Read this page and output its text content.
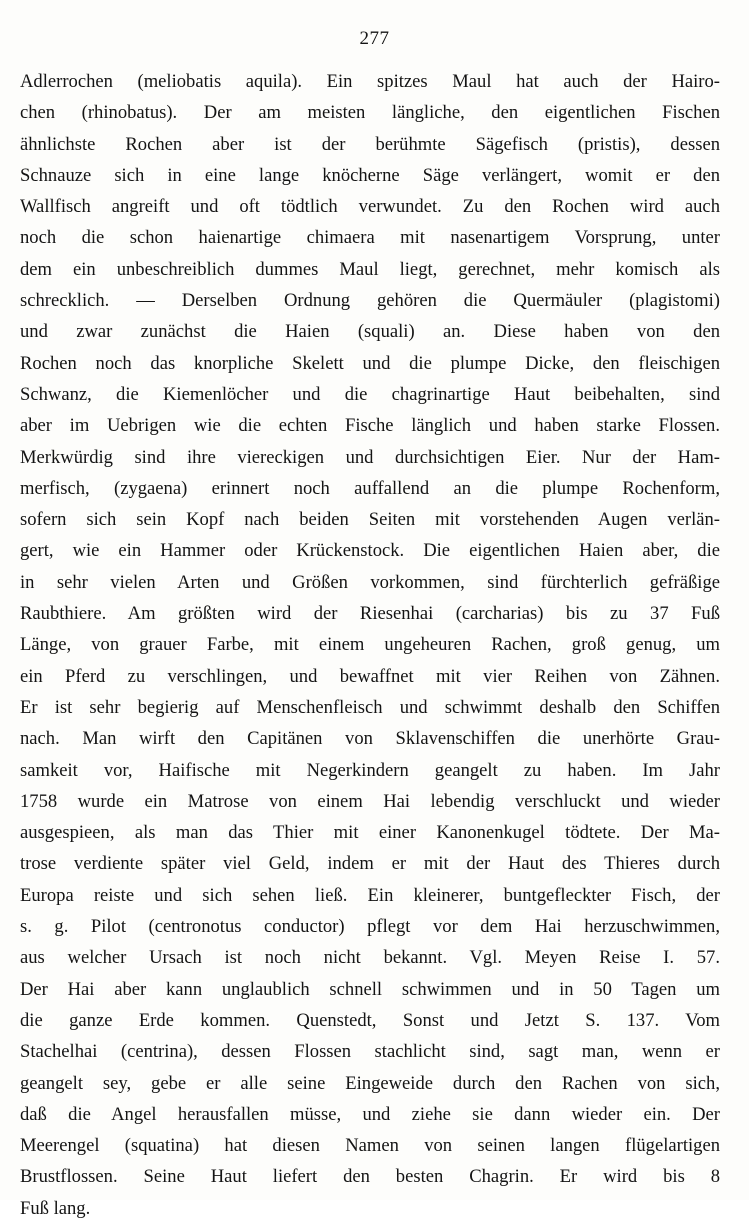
277
Adlerrochen (meliobatis aquila). Ein spitzes Maul hat auch der Hairo-
chen (rhinobatus). Der am meisten längliche, den eigentlichen Fischen
ähnlichste Rochen aber ist der berühmte Sägefisch (pristis), dessen
Schnauze sich in eine lange knöcherne Säge verlängert, womit er den
Wallfisch angreift und oft tödtlich verwundet. Zu den Rochen wird auch
noch die schon haienartige chimaera mit nasenartigem Vorsprung, unter
dem ein unbeschreiblich dummes Maul liegt, gerechnet, mehr komisch als
schrecklich. — Derselben Ordnung gehören die Quermäuler (plagistomi)
und zwar zunächst die Haien (squali) an. Diese haben von den
Rochen noch das knorpliche Skelett und die plumpe Dicke, den fleischigen
Schwanz, die Kiemenlöcher und die chagrinartige Haut beibehalten, sind
aber im Uebrigen wie die echten Fische länglich und haben starke Flossen.
Merkwürdig sind ihre viereckigen und durchsichtigen Eier. Nur der Ham-
merfisch, (zygaena) erinnert noch auffallend an die plumpe Rochenform,
sofern sich sein Kopf nach beiden Seiten mit vorstehenden Augen verlän-
gert, wie ein Hammer oder Krückenstock. Die eigentlichen Haien aber, die
in sehr vielen Arten und Größen vorkommen, sind fürchterlich gefräßige
Raubthiere. Am größten wird der Riesenhai (carcharias) bis zu 37 Fuß
Länge, von grauer Farbe, mit einem ungeheuren Rachen, groß genug, um
ein Pferd zu verschlingen, und bewaffnet mit vier Reihen von Zähnen.
Er ist sehr begierig auf Menschenfleisch und schwimmt deshalb den Schiffen
nach. Man wirft den Capitänen von Sklavenschiffen die unerhörte Grau-
samkeit vor, Haifische mit Negerkindern geangelt zu haben. Im Jahr
1758 wurde ein Matrose von einem Hai lebendig verschluckt und wieder
ausgespieen, als man das Thier mit einer Kanonenkugel tödtete. Der Ma-
trose verdiente später viel Geld, indem er mit der Haut des Thieres durch
Europa reiste und sich sehen ließ. Ein kleinerer, buntgefleckter Fisch, der
s. g. Pilot (centronotus conductor) pflegt vor dem Hai herzuschwimmen,
aus welcher Ursach ist noch nicht bekannt. Vgl. Meyen Reise I. 57.
Der Hai aber kann unglaublich schnell schwimmen und in 50 Tagen um
die ganze Erde kommen. Quenstedt, Sonst und Jetzt S. 137. Vom
Stachelhai (centrina), dessen Flossen stachlicht sind, sagt man, wenn er
geangelt sey, gebe er alle seine Eingeweide durch den Rachen von sich,
daß die Angel herausfallen müsse, und ziehe sie dann wieder ein. Der
Meerengel (squatina) hat diesen Namen von seinen langen flügelartigen
Brustflossen. Seine Haut liefert den besten Chagrin. Er wird bis 8
Fuß lang.
